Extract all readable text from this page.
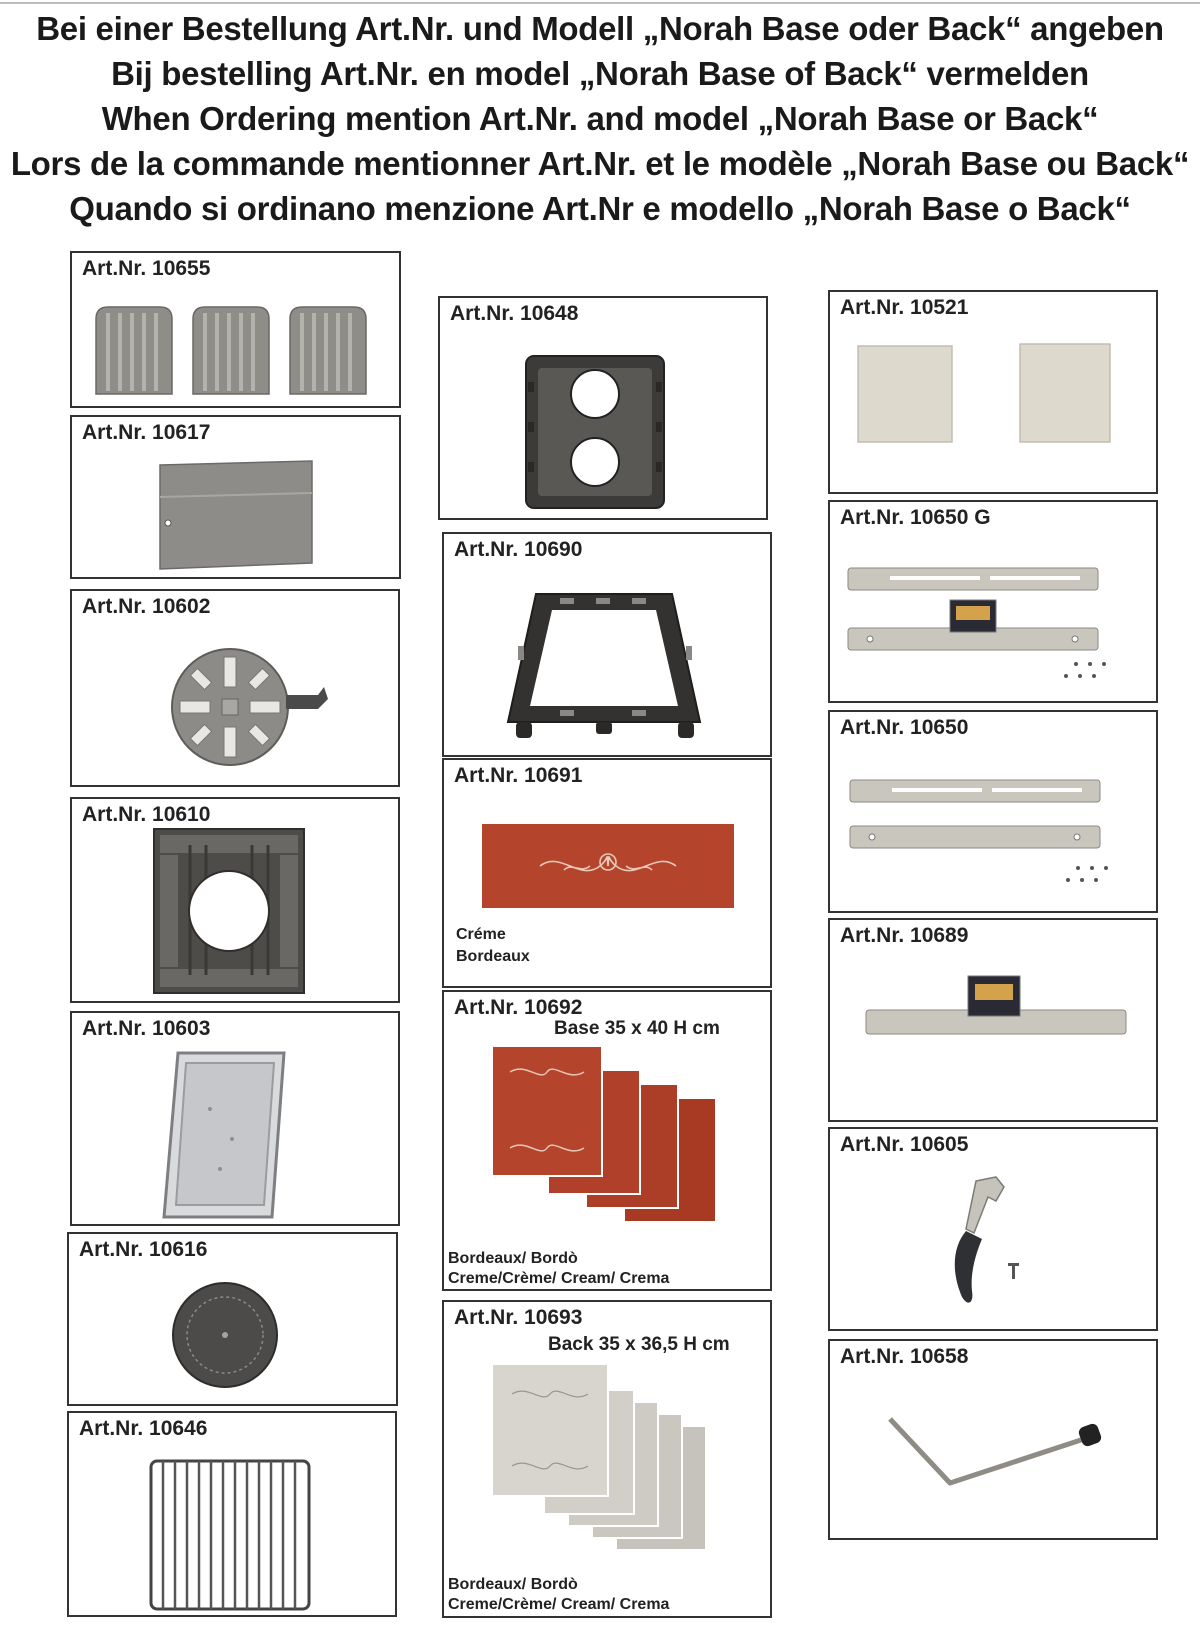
Bei einer Bestellung Art.Nr. und Modell „Norah Base oder Back“ angeben
Bij bestelling Art.Nr. en model „Norah Base of Back“ vermelden
When Ordering mention Art.Nr. and model „Norah Base or Back“
Lors de la commande mentionner Art.Nr. et le modèle „Norah Base ou Back“
Quando si ordinano menzione Art.Nr e modello „Norah Base o Back“
Art.Nr. 10655
Art.Nr. 10617
Art.Nr. 10602
Art.Nr. 10610
Art.Nr. 10603
Art.Nr. 10616
Art.Nr. 10646
Art.Nr. 10648
Art.Nr. 10690
Art.Nr. 10691
Créme
Bordeaux
Art.Nr. 10692
Base 35 x 40 H cm
Bordeaux/ Bordò
Creme/Crème/ Cream/ Crema
Art.Nr. 10693
Back 35 x 36,5 H cm
Bordeaux/ Bordò
Creme/Crème/ Cream/ Crema
Art.Nr. 10521
Art.Nr. 10650 G
Art.Nr. 10650
Art.Nr. 10689
Art.Nr. 10605
Art.Nr. 10658
